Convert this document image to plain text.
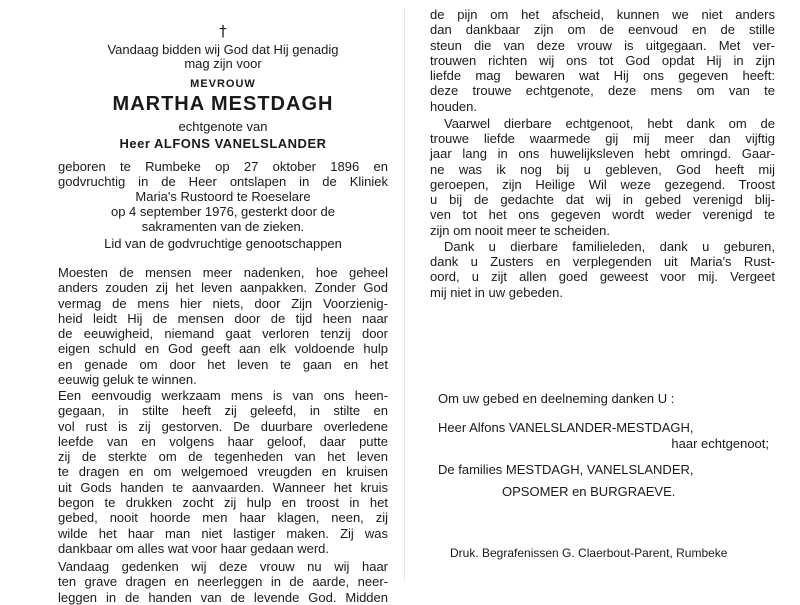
†
Vandaag bidden wij God dat Hij genadig
mag zijn voor
MEVROUW
MARTHA MESTDAGH
echtgenote van
Heer ALFONS VANELSLANDER
geboren te Rumbeke op 27 oktober 1896 en
godvruchtig in de Heer ontslapen in de Kliniek
Maria's Rustoord te Roeselare
op 4 september 1976, gesterkt door de
sakramenten van de zieken.
Lid van de godvruchtige genootschappen
Moesten de mensen meer nadenken, hoe geheel
anders zouden zij het leven aanpakken. Zonder God
vermag de mens hier niets, door Zijn Voorzienig-
heid leidt Hij de mensen door de tijd heen naar
de eeuwigheid, niemand gaat verloren tenzij door
eigen schuld en God geeft aan elk voldoende hulp
en genade om door het leven te gaan en het
eeuwig geluk te winnen.
Een eenvoudig werkzaam mens is van ons heen-
gegaan, in stilte heeft zij geleefd, in stilte en
vol rust is zij gestorven. De duurbare overledene
leefde van en volgens haar geloof, daar putte
zij de sterkte om de tegenheden van het leven
te dragen en om welgemoed vreugden en kruisen
uit Gods handen te aanvaarden. Wanneer het kruis
begon te drukken zocht zij hulp en troost in het
gebed, nooit hoorde men haar klagen, neen, zij
wilde het haar man niet lastiger maken. Zij was
dankbaar om alles wat voor haar gedaan werd.
Vandaag gedenken wij deze vrouw nu wij haar
ten grave dragen en neerleggen in de aarde, neer-
leggen in de handen van de levende God. Midden
de pijn om het afscheid, kunnen we niet anders
dan dankbaar zijn om de eenvoud en de stille
steun die van deze vrouw is uitgegaan. Met ver-
trouwen richten wij ons tot God opdat Hij in zijn
liefde mag bewaren wat Hij ons gegeven heeft:
deze trouwe echtgenote, deze mens om van te
houden.
Vaarwel dierbare echtgenoot, hebt dank om de
trouwe liefde waarmede gij mij meer dan vijftig
jaar lang in ons huwelijksleven hebt omringd. Gaar-
ne was ik nog bij u gebleven, God heeft mij
geroepen, zijn Heilige Wil weze gezegend. Troost
u bij de gedachte dat wij in gebed verenigd blij-
ven tot het ons gegeven wordt weder verenigd te
zijn om nooit meer te scheiden.
Dank u dierbare familieleden, dank u geburen,
dank u Zusters en verplegenden uit Maria's Rust-
oord, u zijt allen goed geweest voor mij. Vergeet
mij niet in uw gebeden.
Om uw gebed en deelneming danken U :
Heer Alfons VANELSLANDER-MESTDAGH,
haar echtgenoot;
De families MESTDAGH, VANELSLANDER,
OPSOMER en BURGRAEVE.
Druk. Begrafenissen G. Claerbout-Parent, Rumbeke
